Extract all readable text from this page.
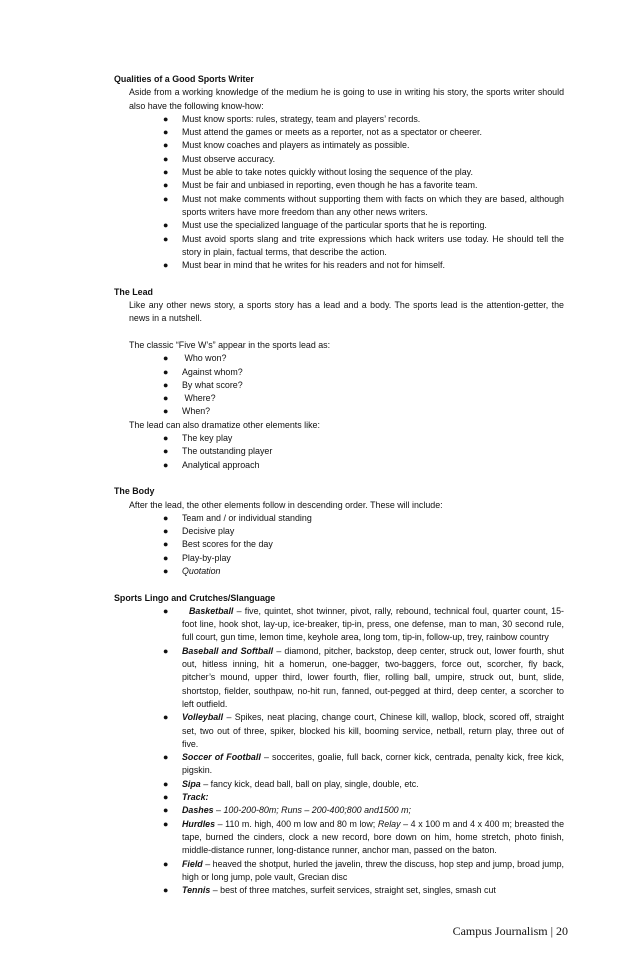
Qualities of a Good Sports Writer

Aside from a working knowledge of the medium he is going to use in writing his story, the sports writer should also have the following know-how:

● Must know sports: rules, strategy, team and players’ records.
● Must attend the games or meets as a reporter, not as a spectator or cheerer.
● Must know coaches and players as intimately as possible.
● Must observe accuracy.
● Must be able to take notes quickly without losing the sequence of the play.
● Must be fair and unbiased in reporting, even though he has a favorite team.
● Must not make comments without supporting them with facts on which they are based, although sports writers have more freedom than any other news writers.
● Must use the specialized language of the particular sports that he is reporting.
● Must avoid sports slang and trite expressions which hack writers use today. He should tell the story in plain, factual terms, that describe the action.
● Must bear in mind that he writes for his readers and not for himself.

The Lead

Like any other news story, a sports story has a lead and a body. The sports lead is the attention-getter, the news in a nutshell.

The classic “Five W’s” appear in the sports lead as:

● Who won?
● Against whom?
● By what score?
● Where?
● When?

The lead can also dramatize other elements like:

● The key play
● The outstanding player
● Analytical approach

The Body

After the lead, the other elements follow in descending order. These will include:

● Team and / or individual standing
● Decisive play
● Best scores for the day
● Play-by-play
● Quotation

Sports Lingo and Crutches/Slanguage

● Basketball – five, quintet, shot twinner, pivot, rally, rebound, technical foul, quarter count, 15-foot line, hook shot, lay-up, ice-breaker, tip-in, press, one defense, man to man, 30 second rule, full court, gun time, lemon time, keyhole area, long tom, tip-in, follow-up, trey, rainbow country
● Baseball and Softball – diamond, pitcher, backstop, deep center, struck out, lower fourth, shut out, hitless inning, hit a homerun, one-bagger, two-baggers, force out, scorcher, fly back, pitcher’s mound, upper third, lower fourth, flier, rolling ball, umpire, struck out, bunt, slide, shortstop, fielder, southpaw, no-hit run, fanned, out-pegged at third, deep center, a scorcher to left outfield.
● Volleyball – Spikes, neat placing, change court, Chinese kill, wallop, block, scored off, straight set, two out of three, spiker, blocked his kill, booming service, netball, return play, three out of five.
● Soccer of Football – soccerites, goalie, full back, corner kick, centrada, penalty kick, free kick, pigskin.
● Sipa – fancy kick, dead ball, ball on play, single, double, etc.
● Track:
● Dashes – 100-200-80m; Runs – 200-400;800 and1500 m;
● Hurdles – 110 m. high, 400 m low and 80 m low; Relay – 4 x 100 m and 4 x 400 m; breasted the tape, burned the cinders, clock a new record, bore down on him, home stretch, photo finish, middle-distance runner, long-distance runner, anchor man, passed on the baton.
● Field – heaved the shotput, hurled the javelin, threw the discuss, hop step and jump, broad jump, high or long jump, pole vault, Grecian disc
● Tennis – best of three matches, surfeit services, straight set, singles, smash cut
Campus Journalism | 20
